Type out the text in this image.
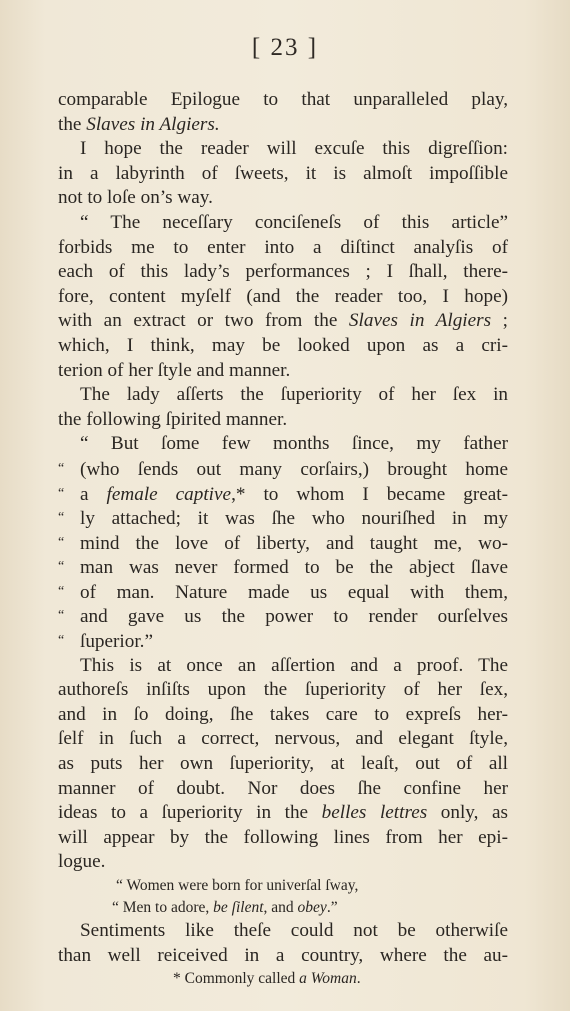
[ 23 ]
comparable Epilogue to that unparalleled play,
the Slaves in Algiers.
I hope the reader will excuſe this digreſſion:
in a labyrinth of ſweets, it is almoſt impoſſible
not to loſe on’s way.
“ The neceſſary conciſeneſs of this article”
forbids me to enter into a diſtinct analyſis of
each of this lady’s performances ; I ſhall, there-
fore, content myſelf (and the reader too, I hope)
with an extract or two from the Slaves in Algiers ;
which, I think, may be looked upon as a cri-
terion of her ſtyle and manner.
The lady aſſerts the ſuperiority of her ſex in
the following ſpirited manner.
“ But ſome few months ſince, my father
“ (who ſends out many corſairs,) brought home
“ a female captive,* to whom I became great-
“ ly attached; it was ſhe who nouriſhed in my
“ mind the love of liberty, and taught me, wo-
“ man was never formed to be the abject ſlave
“ of man. Nature made us equal with them,
“ and gave us the power to render ourſelves
“ ſuperior.”
This is at once an aſſertion and a proof. The
authoreſs inſiſts upon the ſuperiority of her ſex,
and in ſo doing, ſhe takes care to expreſs her-
ſelf in ſuch a correct, nervous, and elegant ſtyle,
as puts her own ſuperiority, at leaſt, out of all
manner of doubt. Nor does ſhe confine her
ideas to a ſuperiority in the belles lettres only, as
will appear by the following lines from her epi-
logue.
“ Women were born for univerſal ſway,
“ Men to adore, be ſilent, and obey.”
Sentiments like theſe could not be otherwiſe
than well reiceived in a country, where the au-
* Commonly called a Woman.
